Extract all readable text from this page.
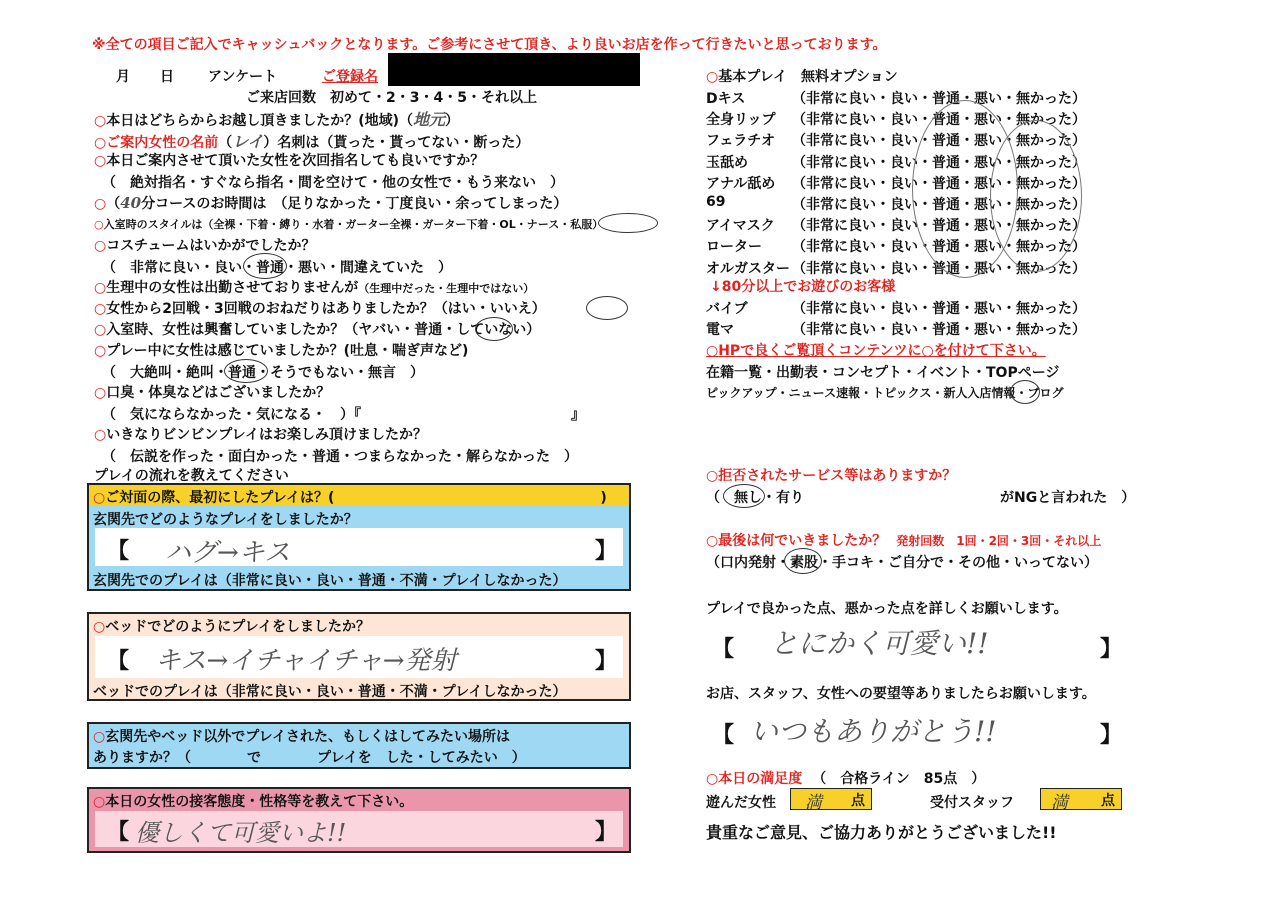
※全ての項目ご記入でキャッシュバックとなります。ご参考にさせて頂き、より良いお店を作って行きたいと思っております。
月 日 アンケート	ご登録名
ご来店回数　初めて・2・3・4・5・それ以上
○本日はどちらからお越し頂きましたか？(地域)（地元）
○ご案内女性の名前（レイ）名刺は（貰った・貰ってない・断った）
○本日ご案内させて頂いた女性を次回指名しても良いですか？
（　絶対指名・すぐなら指名・間を空けて・他の女性で・もう来ない　）
○（40分コースのお時間は　（足りなかった・丁度良い・余ってしまった）
○入室時のスタイルは（全裸・下着・縛り・水着・ガーター全裸・ガーター下着・OL・ナース・私服）
○コスチュームはいかがでしたか？
（　非常に良い・良い・普通・悪い・間違えていた　）
○生理中の女性は出勤させておりませんが（生理中だった・生理中ではない）
○女性から2回戦・3回戦のおねだりはありましたか？（はい・いいえ）
○入室時、女性は興奮していましたか？（ヤバい・普通・していない）
○プレー中に女性は感じていましたか？(吐息・喘ぎ声など)
（　大絶叫・絶叫・普通・そうでもない・無言　）
○口臭・体臭などはございましたか？
（　気にならなかった・気になる・　）『　　　　　　　　　　　　　　　』
○いきなりビンビンプレイはお楽しみ頂けましたか？
（　伝説を作った・面白かった・普通・つまらなかった・解らなかった　）
プレイの流れを教えてください
○ご対面の際、最初にしたプレイは？(　　　　　　　　　　　　　　　　　　　)
玄関先でどのようなプレイをしましたか？
【 ハグ→キス	】
玄関先でのプレイは（非常に良い・良い・普通・不満・プレイしなかった）
○ベッドでどのようにプレイをしましたか？
【 キス→イチャイチャ→発射	】
ベッドでのプレイは（非常に良い・良い・普通・不満・プレイしなかった）
○玄関先やベッド以外でプレイされた、もしくはしてみたい場所は
ありますか？（　　　　で　　　　プレイを　した・してみたい　）
○本日の女性の接客態度・性格等を教えて下さい。
【 優しくて可愛いよ!!	】
○基本プレイ　無料オプション
Dキス	（非常に良い・良い・普通・悪い・無かった）
全身リップ （非常に良い・良い・普通・悪い・無かった）
フェラチオ （非常に良い・良い・普通・悪い・無かった）
玉舐め	（非常に良い・良い・普通・悪い・無かった）
アナル舐め （非常に良い・良い・普通・悪い・無かった）
69	（非常に良い・良い・普通・悪い・無かった）
アイマスク （非常に良い・良い・普通・悪い・無かった）
ローター （非常に良い・良い・普通・悪い・無かった）
オルガスター （非常に良い・良い・普通・悪い・無かった）
↓80分以上でお遊びのお客様
バイブ	（非常に良い・良い・普通・悪い・無かった）
電マ	（非常に良い・良い・普通・悪い・無かった）
○HPで良くご覧頂くコンテンツに○を付けて下さい。
在籍一覧・出勤表・コンセプト・イベント・TOPページ
ピックアップ・ニュース速報・トピックス・新人入店情報・ブログ
○拒否されたサービス等はありますか？
（　無し・有り　　　　　　　　　　　　　　がNGと言われた　）
○最後は何でいきましたか？ 発射回数　1回・2回・3回・それ以上
（口内発射・素股・手コキ・ご自分で・その他・いってない）
プレイで良かった点、悪かった点を詳しくお願いします。
【 とにかく可愛い!!	】
お店、スタッフ、女性への要望等ありましたらお願いします。
【 いつもありがとう!!	】
○本日の満足度 （　合格ライン　85点　）
遊んだ女性 満 点	受付スタッフ 満 点
貴重なご意見、ご協力ありがとうございました!!
